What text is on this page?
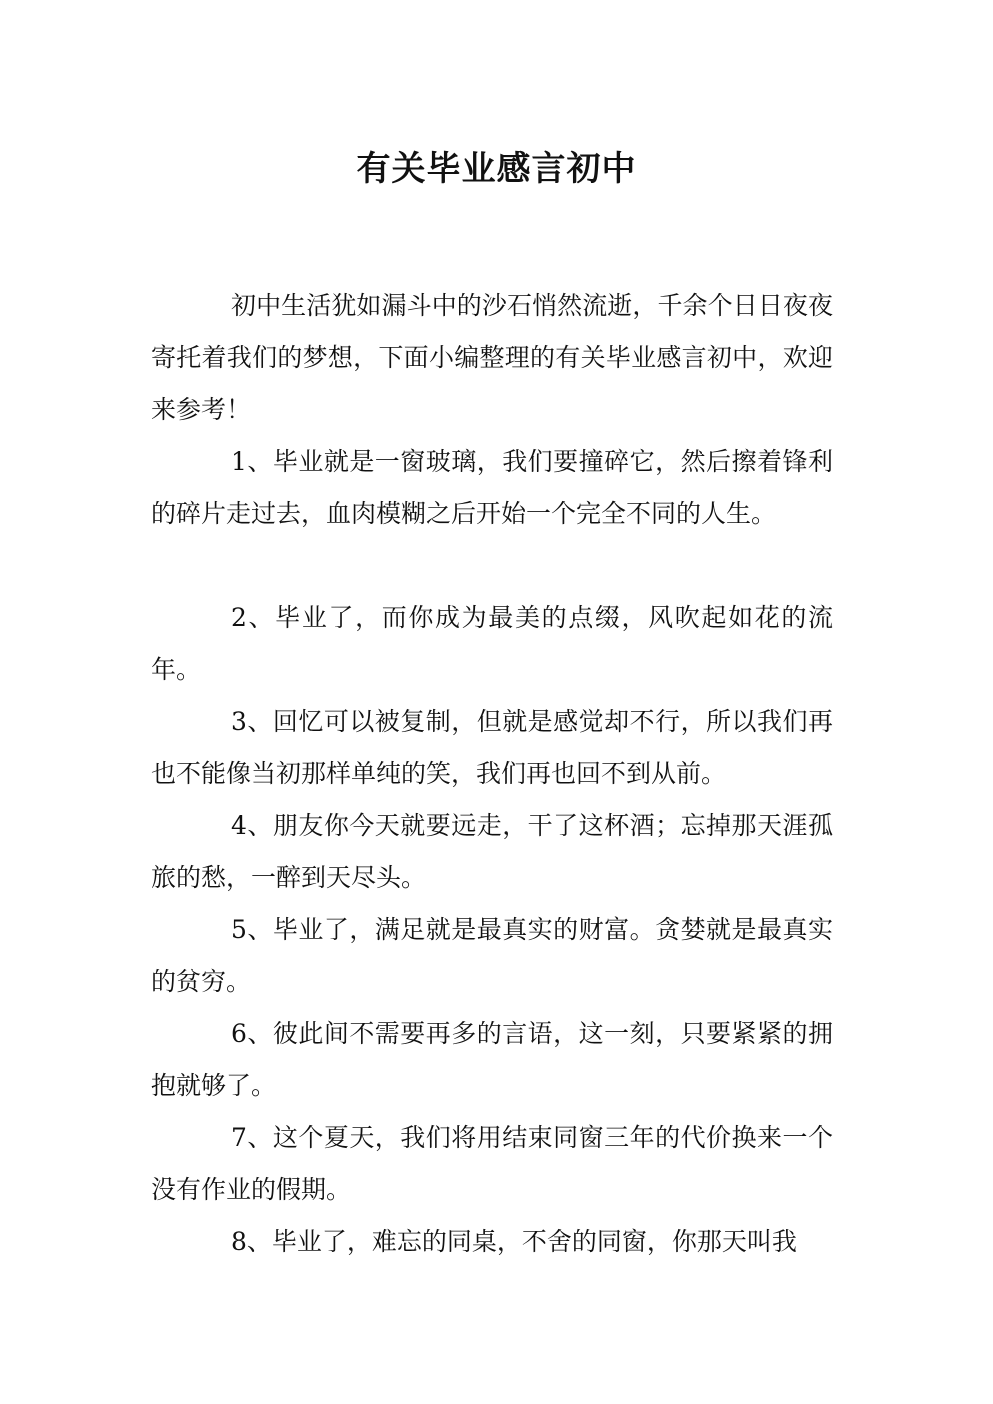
有关毕业感言初中

初中生活犹如漏斗中的沙石悄然流逝，千余个日日夜夜寄托着我们的梦想，下面小编整理的有关毕业感言初中，欢迎来参考！

1、毕业就是一窗玻璃，我们要撞碎它，然后擦着锋利的碎片走过去，血肉模糊之后开始一个完全不同的人生。

2、毕业了，而你成为最美的点缀，风吹起如花的流年。

3、回忆可以被复制，但就是感觉却不行，所以我们再也不能像当初那样单纯的笑，我们再也回不到从前。

4、朋友你今天就要远走，干了这杯酒；忘掉那天涯孤旅的愁，一醉到天尽头。

5、毕业了，满足就是最真实的财富。贪婪就是最真实的贫穷。

6、彼此间不需要再多的言语，这一刻，只要紧紧的拥抱就够了。

7、这个夏天，我们将用结束同窗三年的代价换来一个没有作业的假期。

8、毕业了，难忘的同桌，不舍的同窗，你那天叫我
